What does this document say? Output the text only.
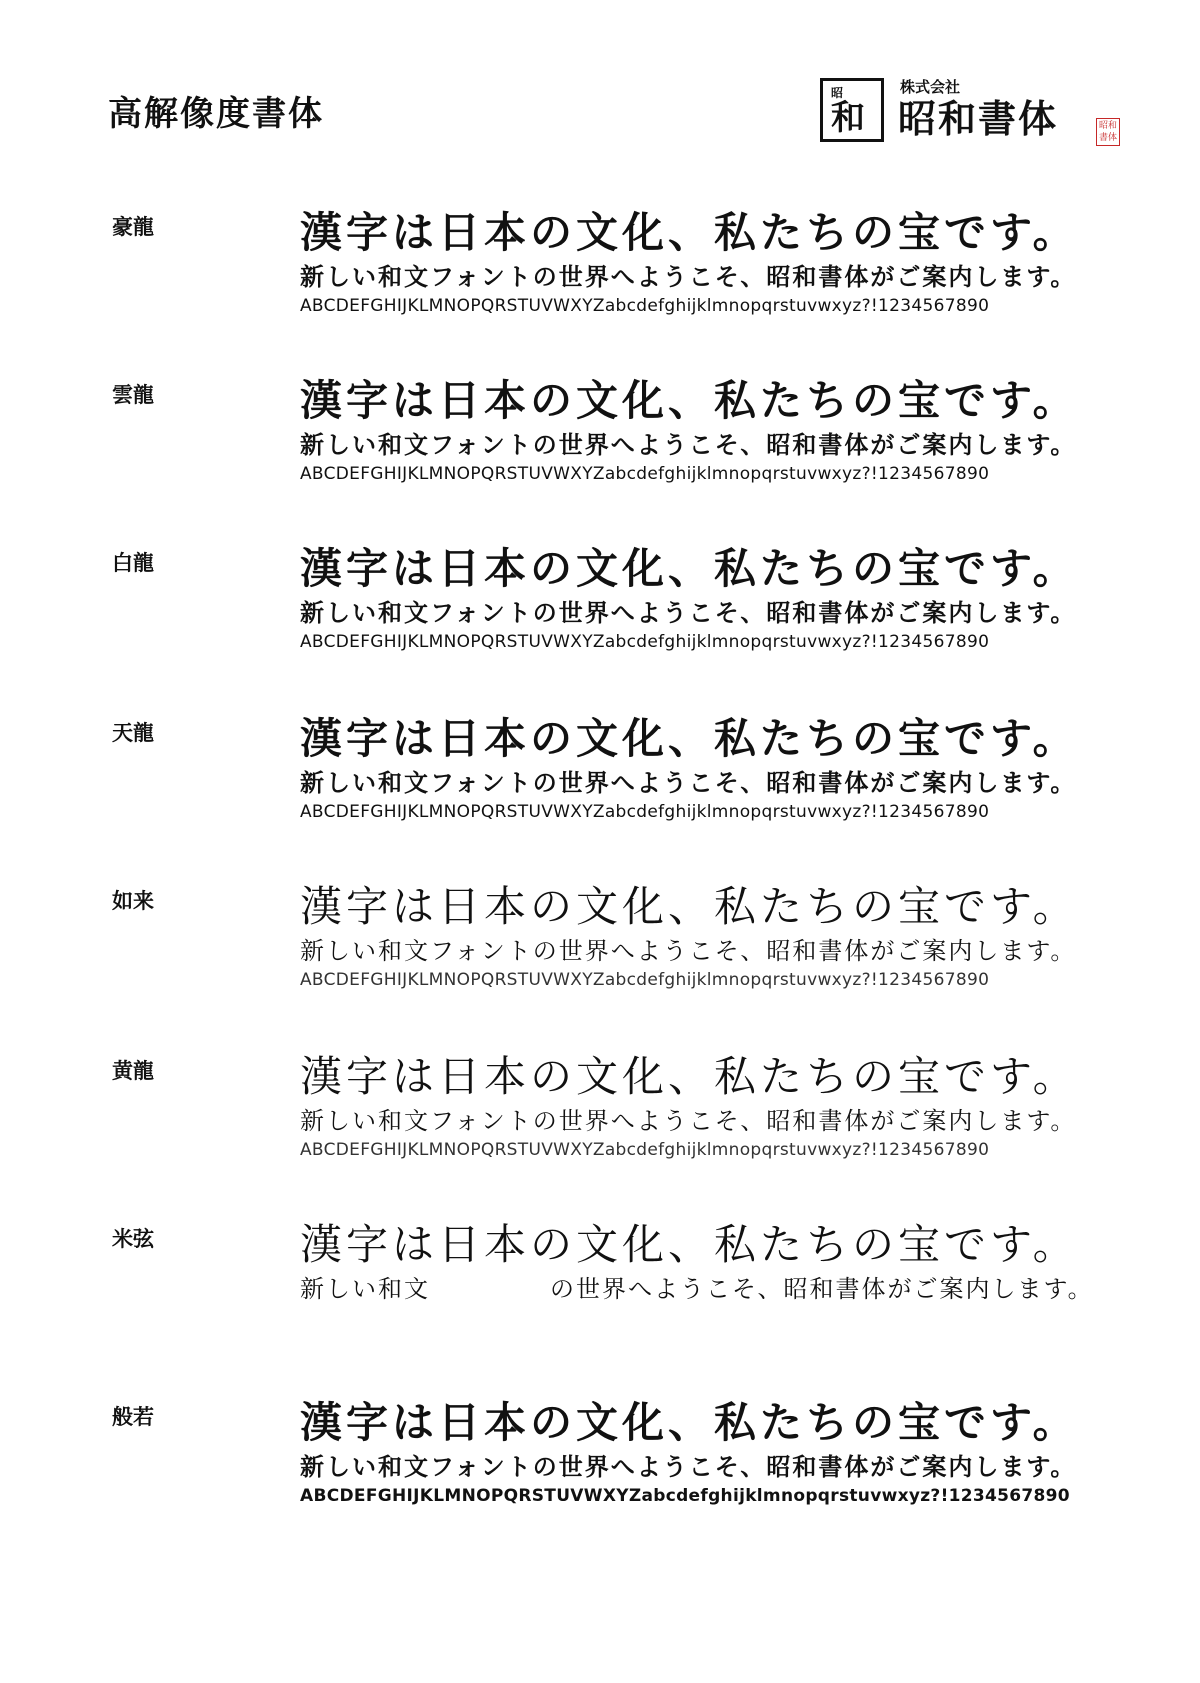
高解像度書体
昭
和
株式会社
昭和書体	昭和書体
豪龍	漢字は日本の文化、私たちの宝です。
新しい和文フォントの世界へようこそ、昭和書体がご案内します。
ABCDEFGHIJKLMNOPQRSTUVWXYZabcdefghijklmnopqrstuvwxyz?!1234567890
雲龍	漢字は日本の文化、私たちの宝です。
新しい和文フォントの世界へようこそ、昭和書体がご案内します。
ABCDEFGHIJKLMNOPQRSTUVWXYZabcdefghijklmnopqrstuvwxyz?!1234567890
白龍	漢字は日本の文化、私たちの宝です。
新しい和文フォントの世界へようこそ、昭和書体がご案内します。
ABCDEFGHIJKLMNOPQRSTUVWXYZabcdefghijklmnopqrstuvwxyz?!1234567890
天龍	漢字は日本の文化、私たちの宝です。
新しい和文フォントの世界へようこそ、昭和書体がご案内します。
ABCDEFGHIJKLMNOPQRSTUVWXYZabcdefghijklmnopqrstuvwxyz?!1234567890
如来	漢字は日本の文化、私たちの宝です。
新しい和文フォントの世界へようこそ、昭和書体がご案内します。
ABCDEFGHIJKLMNOPQRSTUVWXYZabcdefghijklmnopqrstuvwxyz?!1234567890
黄龍	漢字は日本の文化、私たちの宝です。
新しい和文フォントの世界へようこそ、昭和書体がご案内します。
ABCDEFGHIJKLMNOPQRSTUVWXYZabcdefghijklmnopqrstuvwxyz?!1234567890
米弦	漢字は日本の文化、私たちの宝です。
新しい和文	の世界へようこそ、昭和書体がご案内します。
般若	漢字は日本の文化、私たちの宝です。
新しい和文フォントの世界へようこそ、昭和書体がご案内します。
ABCDEFGHIJKLMNOPQRSTUVWXYZabcdefghijklmnopqrstuvwxyz?!1234567890
